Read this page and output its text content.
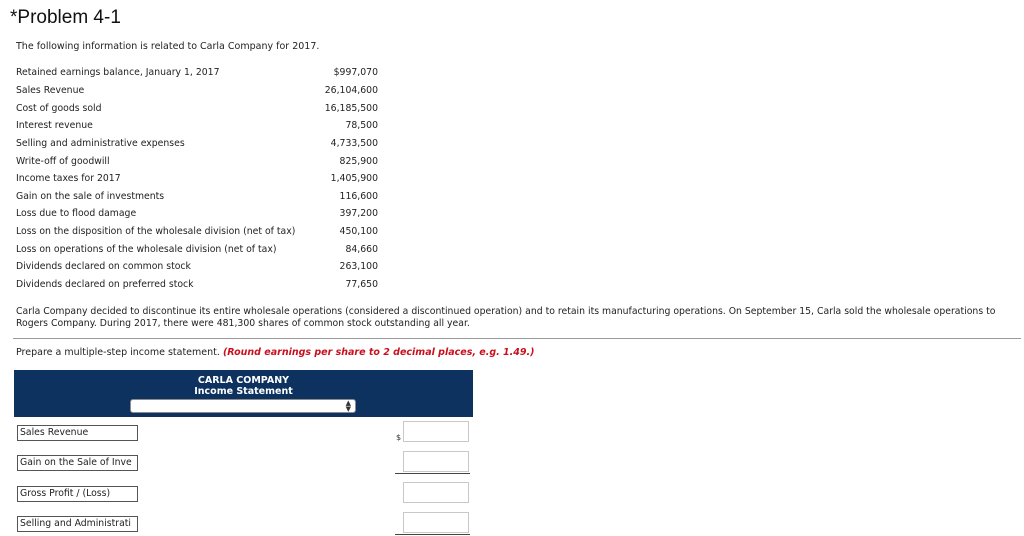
*Problem 4-1
The following information is related to Carla Company for 2017.
Retained earnings balance, January 1, 2017	$997,070
Sales Revenue	26,104,600
Cost of goods sold	16,185,500
Interest revenue	78,500
Selling and administrative expenses	4,733,500
Write-off of goodwill	825,900
Income taxes for 2017	1,405,900
Gain on the sale of investments	116,600
Loss due to flood damage	397,200
Loss on the disposition of the wholesale division (net of tax)	450,100
Loss on operations of the wholesale division (net of tax)	84,660
Dividends declared on common stock	263,100
Dividends declared on preferred stock	77,650
Carla Company decided to discontinue its entire wholesale operations (considered a discontinued operation) and to retain its manufacturing operations. On September 15, Carla sold the wholesale operations to Rogers Company. During 2017, there were 481,300 shares of common stock outstanding all year.
Prepare a multiple-step income statement. (Round earnings per share to 2 decimal places, e.g. 1.49.)
CARLA COMPANY
Income Statement
▲
▼
Sales Revenue	$
Gain on the Sale of Inve
Gross Profit / (Loss)
Selling and Administrati
